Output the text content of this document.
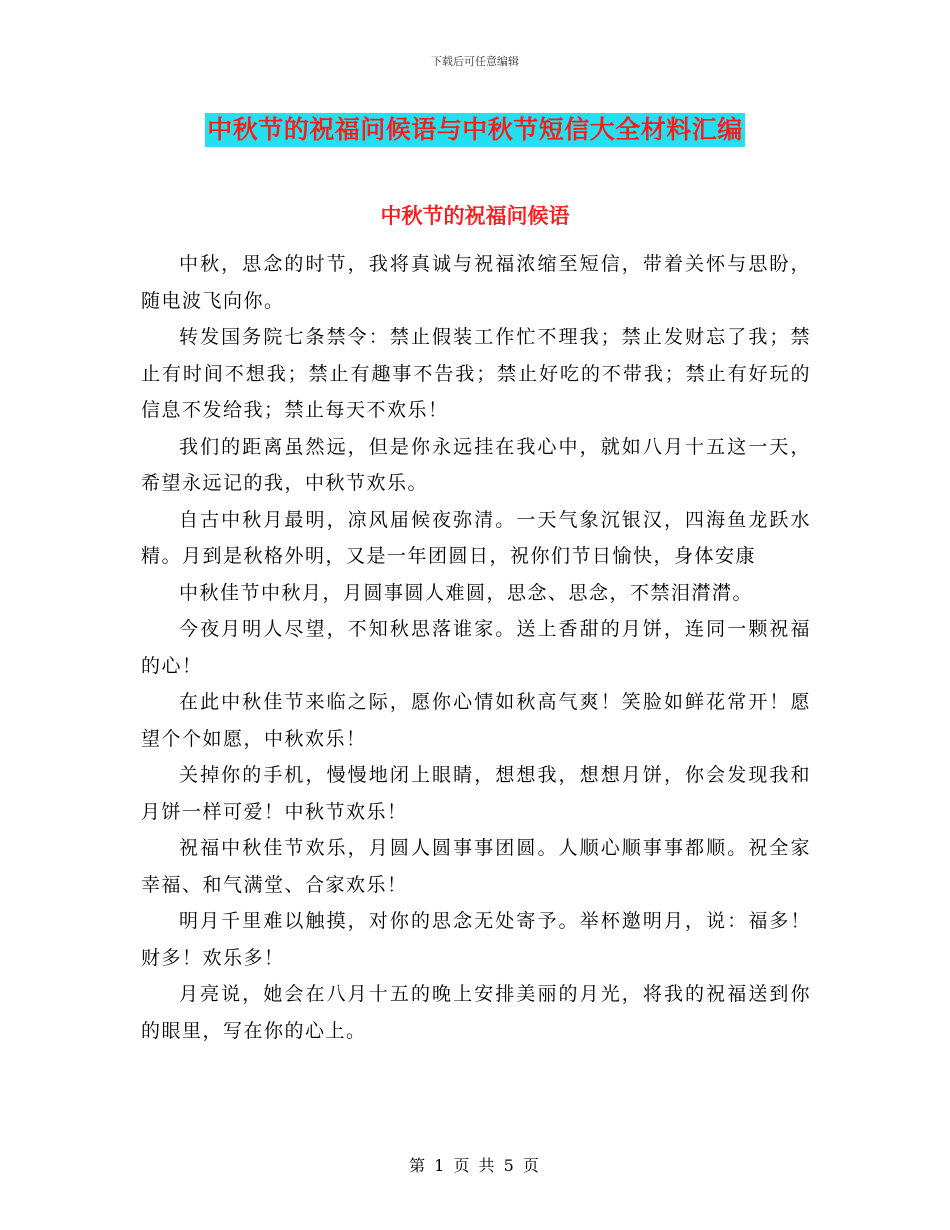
下载后可任意编辑
中秋节的祝福问候语与中秋节短信大全材料汇编
中秋节的祝福问候语

中秋，思念的时节，我将真诚与祝福浓缩至短信，带着关怀与思盼，随电波飞向你。

转发国务院七条禁令：禁止假装工作忙不理我；禁止发财忘了我；禁止有时间不想我；禁止有趣事不告我；禁止好吃的不带我；禁止有好玩的信息不发给我；禁止每天不欢乐！

我们的距离虽然远，但是你永远挂在我心中，就如八月十五这一天，希望永远记的我，中秋节欢乐。

自古中秋月最明，凉风届候夜弥清。一天气象沉银汉，四海鱼龙跃水精。月到是秋格外明，又是一年团圆日，祝你们节日愉快，身体安康

中秋佳节中秋月，月圆事圆人难圆，思念、思念，不禁泪潸潸。

今夜月明人尽望，不知秋思落谁家。送上香甜的月饼，连同一颗祝福的心！

在此中秋佳节来临之际，愿你心情如秋高气爽！笑脸如鲜花常开！愿望个个如愿，中秋欢乐！

关掉你的手机，慢慢地闭上眼睛，想想我，想想月饼，你会发现我和月饼一样可爱！中秋节欢乐！

祝福中秋佳节欢乐，月圆人圆事事团圆。人顺心顺事事都顺。祝全家幸福、和气满堂、合家欢乐！

明月千里难以触摸，对你的思念无处寄予。举杯邀明月，说：福多！财多！欢乐多！

月亮说，她会在八月十五的晚上安排美丽的月光，将我的祝福送到你的眼里，写在你的心上。

第 1 页 共 5 页
